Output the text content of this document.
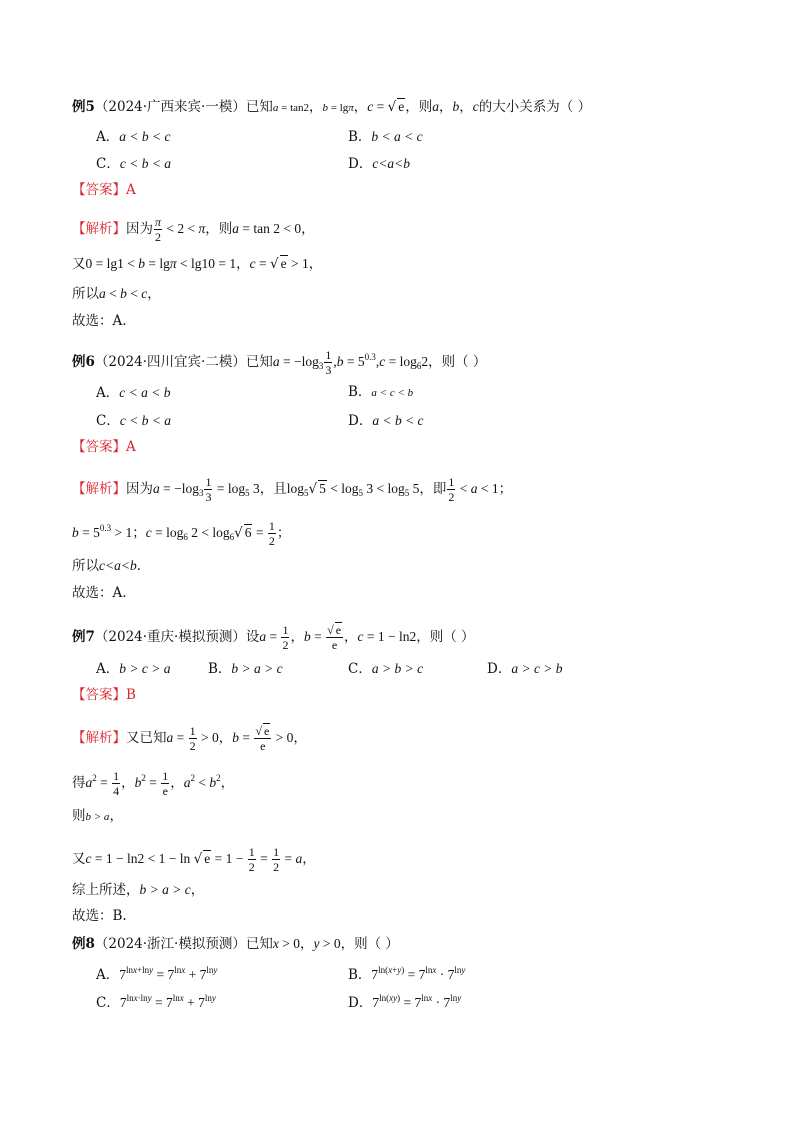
例5（2024·广西来宾·一模）已知a = tan2，b = lgπ，c = √ e，则a，b，c的大小关系为（ ）
A．a < b < c	B．b < a < c
C．c < b < a	D．c<a<b
【答案】A
【解析】因为 $\frac{\pi}{2} < 2 < \pi$，则a = tan 2 < 0，
又0 = lg1 < b = lgπ < lg10 = 1，c = √ e > 1，
所以a < b < c，
故选：A.
例6（2024·四川宜宾·二模）已知$a = -\log_3 \frac{1}{3} ,b = 5^{0.3},c = \log_62$，则（ ）
A．c < a < b	B．a < c < b
C．c < b < a	D．a < b < c
【答案】A
【解析】因为$a = -\log_3 \frac{1}{3} = \log_5 3$，且$\log_5√$ $5 < \log_5 3 < \log_5 5$，即 $\frac{1}{2} < a < 1$；
$b = 5^{0.3} > 1$；$c = \log_6 2 < \log_6√$ $6 = \frac{1}{2}$ ；
所以c<a<b.
故选：A.
例7（2024·重庆·模拟预测）设$a = \frac{1}{2}$ ，$b = \frac{√ e}{e}$ ，c = 1 − ln2，则（ ）
A．b > c > a	B．b > a > c	C．a > b > c	D．a > c > b
【答案】B
【解析】又已知$a = \frac{1}{2} > 0$，$b = \frac{√ e}{e} > 0$，
得$a^2 = \frac{1}{4}$ ，$b^2 = \frac{1}{e}$ ，$a^2 < b^2$，
则b > a，
又c = 1 − ln2 < 1 − ln √ $e = 1 - \frac{1}{2} = \frac{1}{2} = a$，
综上所述，b > a > c，
故选：B.
例8（2024·浙江·模拟预测）已知x > 0，y > 0，则（ ）
A．$7^{lnx+lny} = 7^{lnx} + 7^{lny}$	B．$7^{ln(x+y)} = 7^{lnx} \cdot 7^{lny}$
C．$7^{lnx\cdot lny} = 7^{lnx} + 7^{lny}$	D．$7^{ln(xy)} = 7^{lnx} \cdot 7^{lny}$
